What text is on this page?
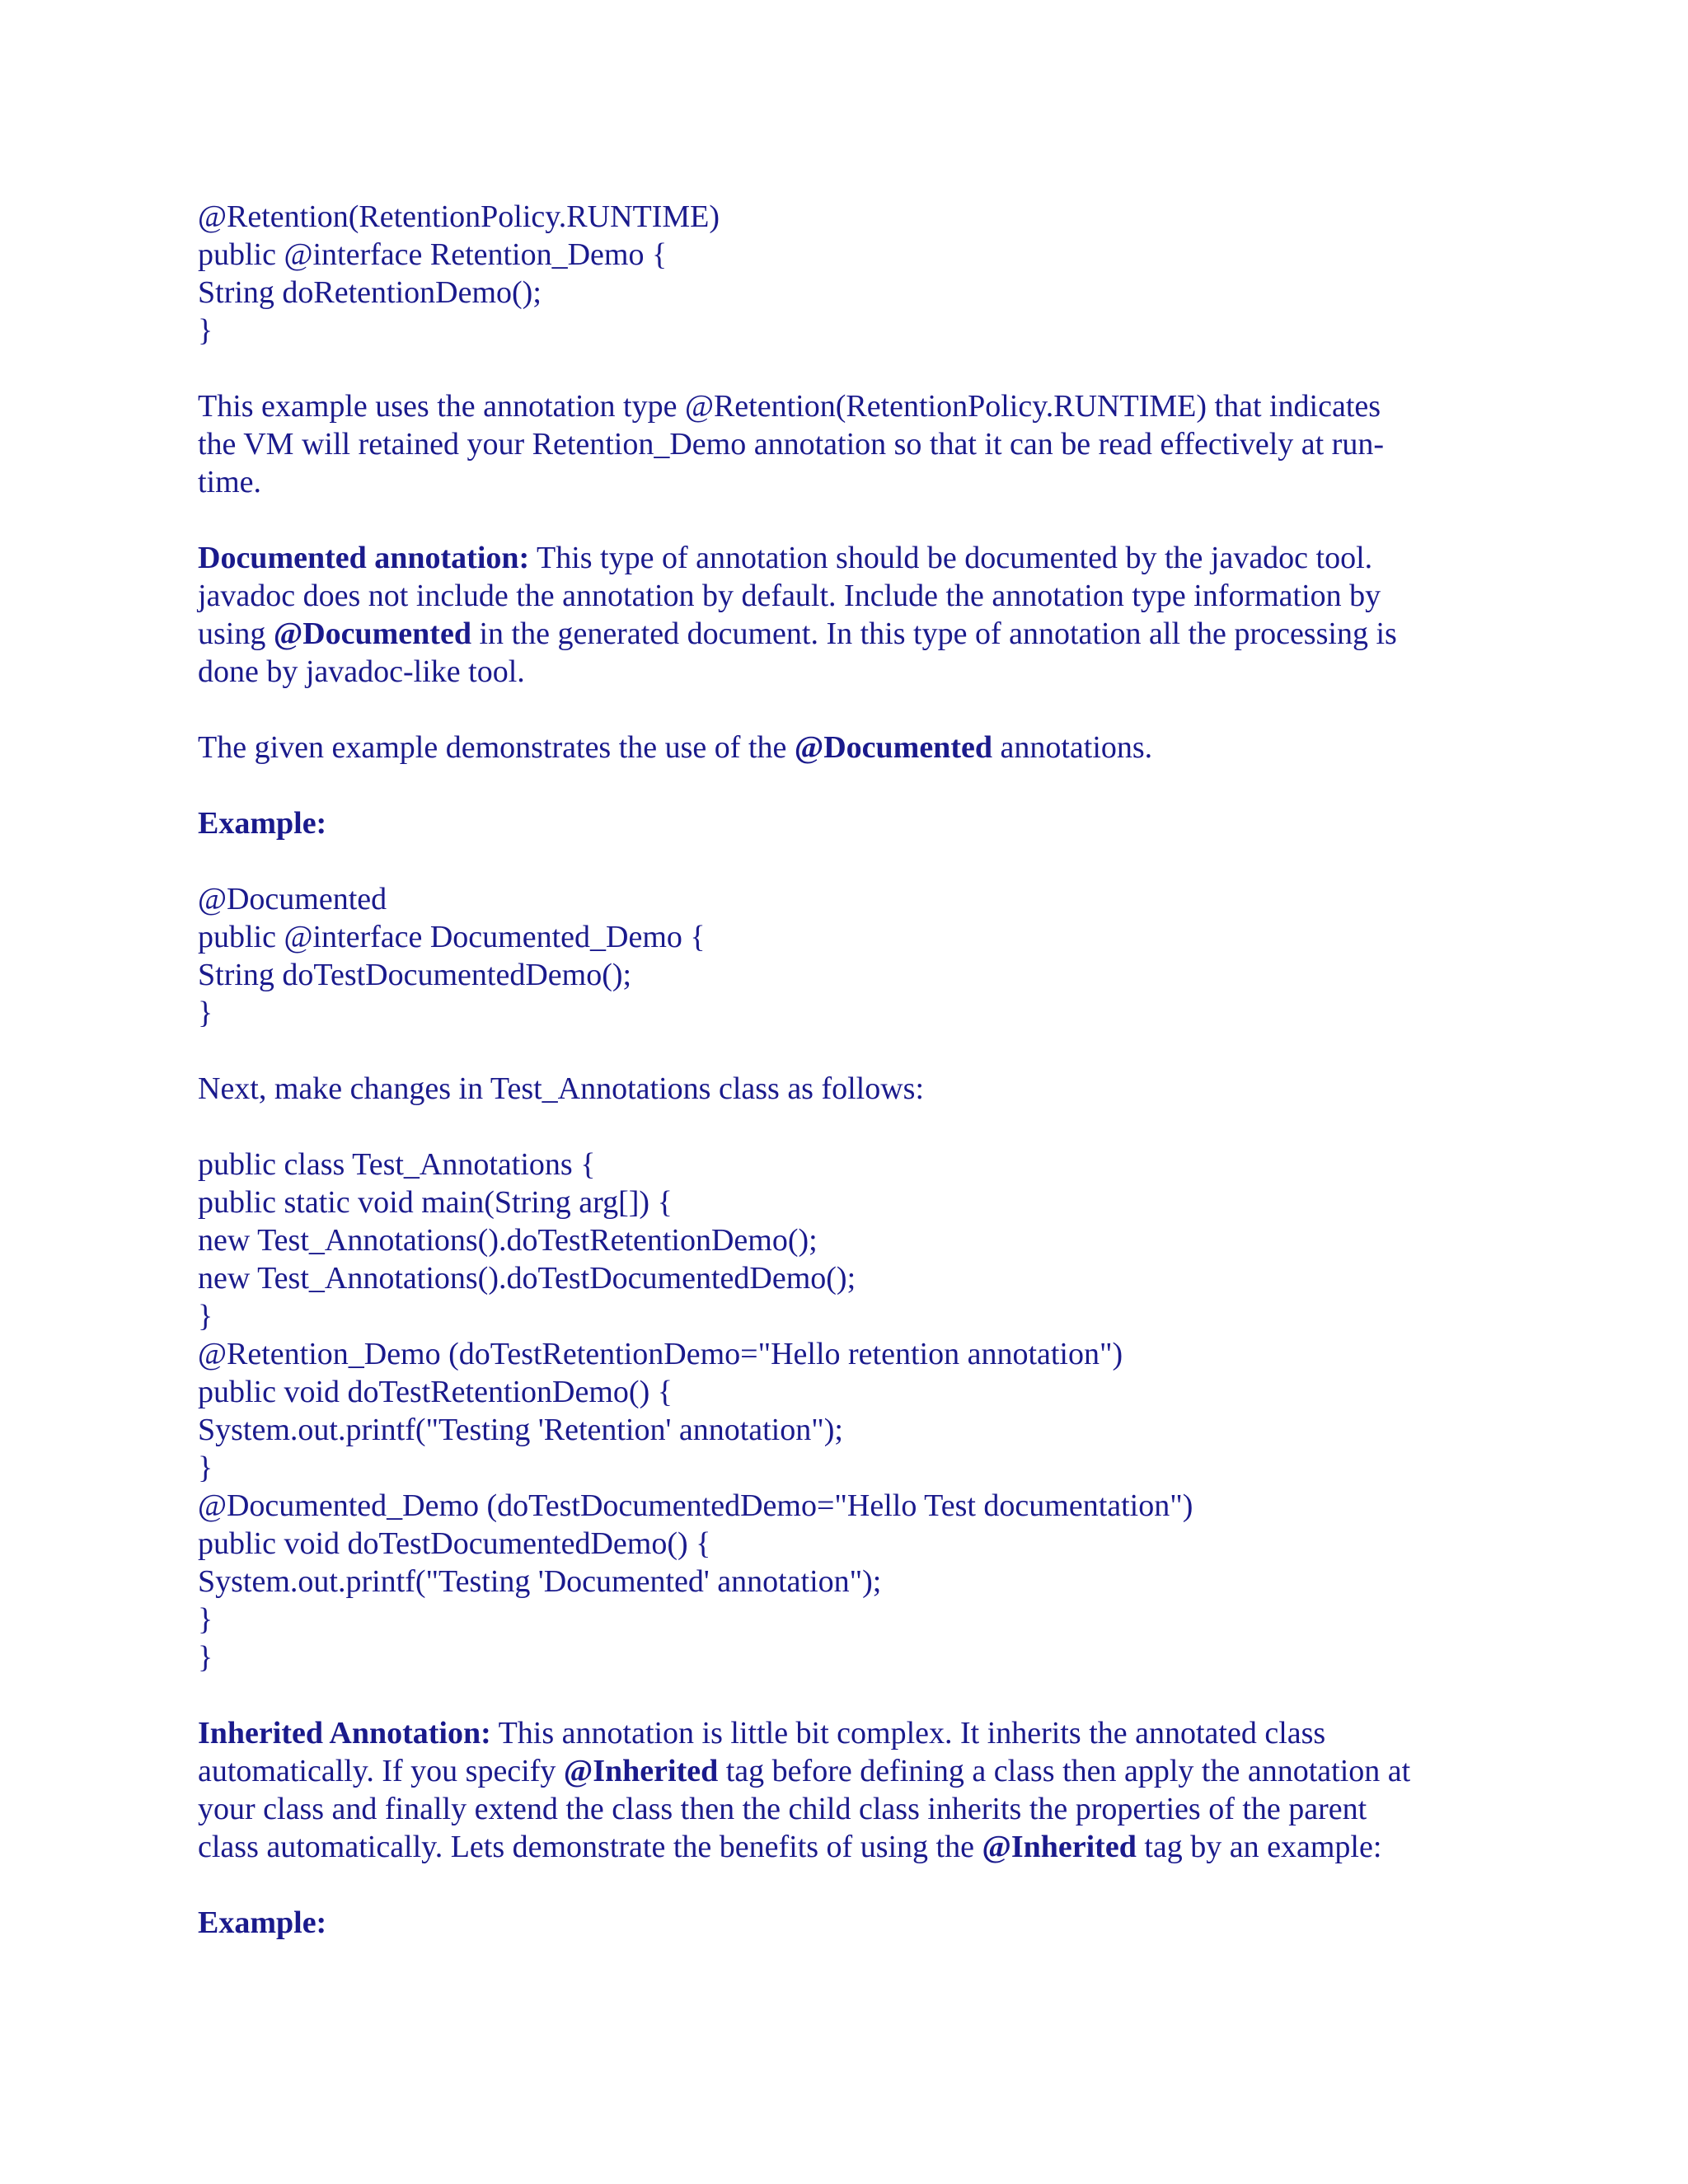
@Retention(RetentionPolicy.RUNTIME)
public @interface Retention_Demo {
String doRetentionDemo();
}
This example uses the annotation type @Retention(RetentionPolicy.RUNTIME) that indicates
the VM will retained your Retention_Demo annotation so that it can be read effectively at run-
time.
Documented annotation: This type of annotation should be documented by the javadoc tool.
javadoc does not include the annotation by default. Include the annotation type information by
using @Documented in the generated document. In this type of annotation all the processing is
done by javadoc-like tool.
The given example demonstrates the use of the @Documented annotations.
Example:
@Documented
public @interface Documented_Demo {
String doTestDocumentedDemo();
}
Next, make changes in Test_Annotations class as follows:
public class Test_Annotations {
public static void main(String arg[]) {
new Test_Annotations().doTestRetentionDemo();
new Test_Annotations().doTestDocumentedDemo();
}
@Retention_Demo (doTestRetentionDemo="Hello retention annotation")
public void doTestRetentionDemo() {
System.out.printf("Testing 'Retention' annotation");
}
@Documented_Demo (doTestDocumentedDemo="Hello Test documentation")
public void doTestDocumentedDemo() {
System.out.printf("Testing 'Documented' annotation");
}
}
Inherited Annotation: This annotation is little bit complex. It inherits the annotated class
automatically. If you specify @Inherited tag before defining a class then apply the annotation at
your class and finally extend the class then the child class inherits the properties of the parent
class automatically. Lets demonstrate the benefits of using the @Inherited tag by an example:
Example:
